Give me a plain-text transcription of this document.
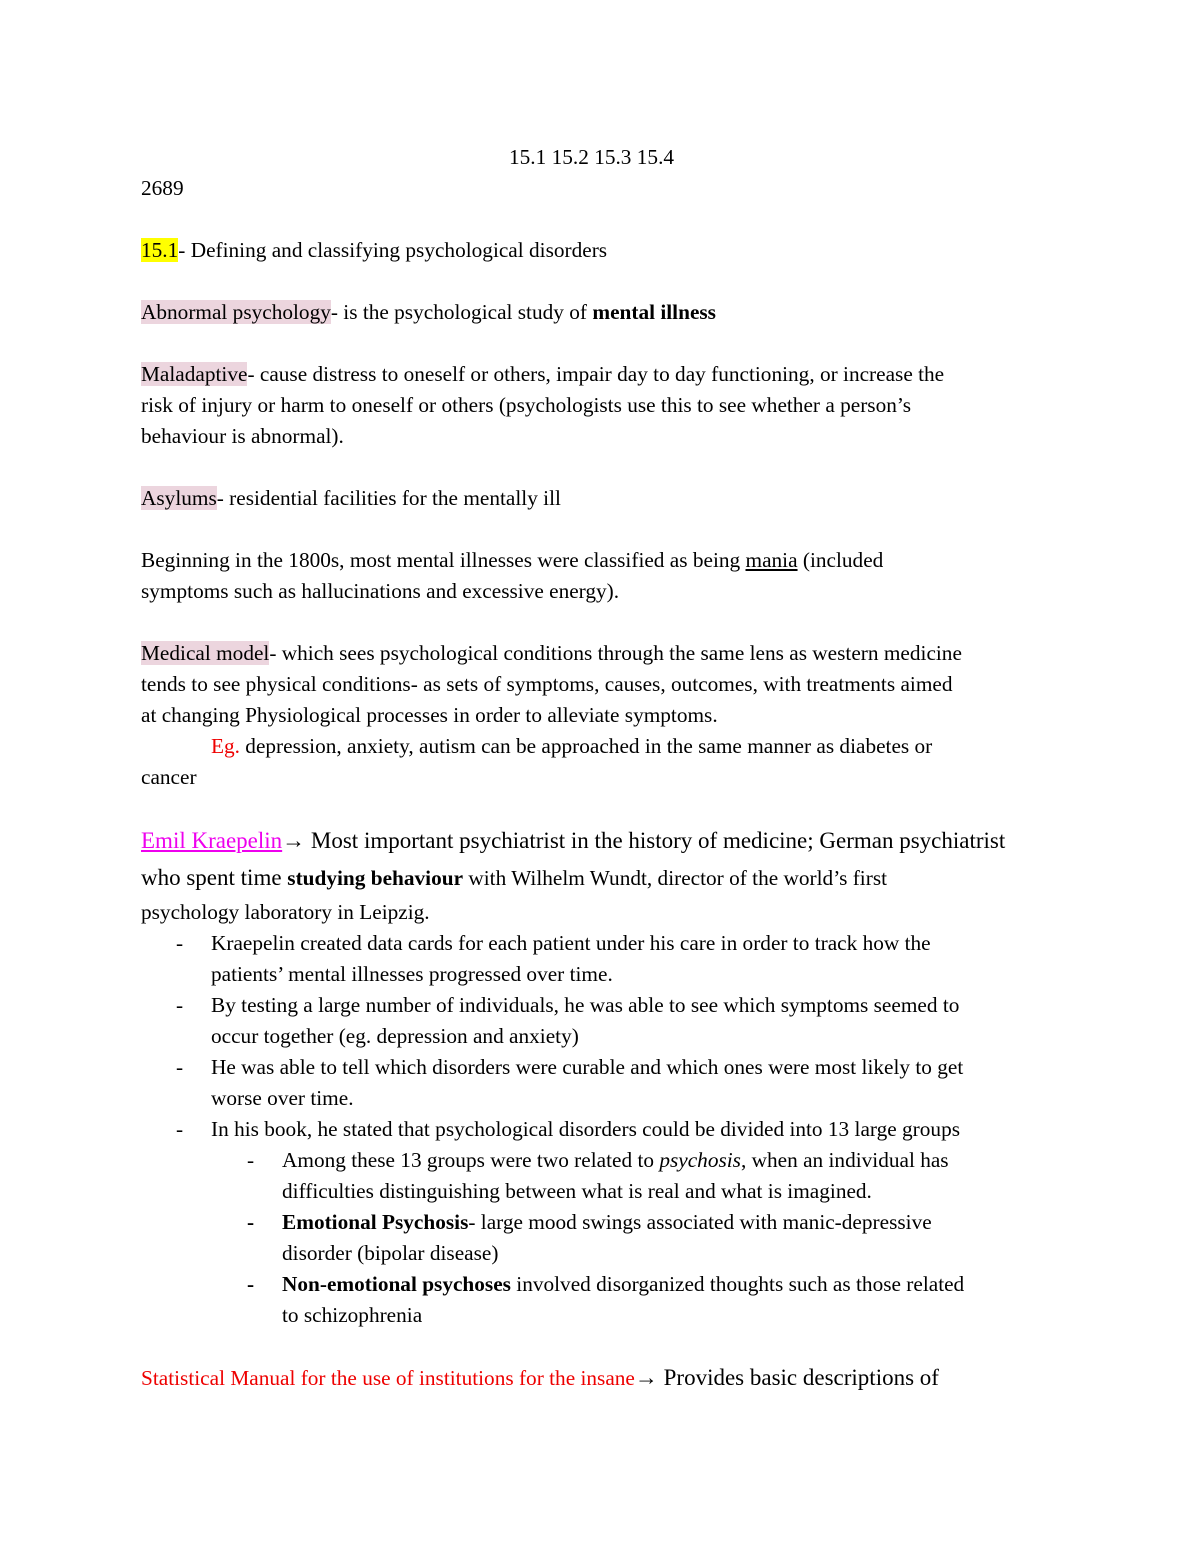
15.1 15.2 15.3 15.4
2689
15.1- Defining and classifying psychological disorders
Abnormal psychology- is the psychological study of mental illness
Maladaptive- cause distress to oneself or others, impair day to day functioning, or increase the
risk of injury or harm to oneself or others (psychologists use this to see whether a person’s
behaviour is abnormal).
Asylums- residential facilities for the mentally ill
Beginning in the 1800s, most mental illnesses were classified as being mania (included
symptoms such as hallucinations and excessive energy).
Medical model- which sees psychological conditions through the same lens as western medicine
tends to see physical conditions- as sets of symptoms, causes, outcomes, with treatments aimed
at changing Physiological processes in order to alleviate symptoms.
Eg. depression, anxiety, autism can be approached in the same manner as diabetes or
cancer
Emil Kraepelin→ Most important psychiatrist in the history of medicine; German psychiatrist
who spent time studying behaviour with Wilhelm Wundt, director of the world’s first
psychology laboratory in Leipzig.
- Kraepelin created data cards for each patient under his care in order to track how the
patients’ mental illnesses progressed over time.
- By testing a large number of individuals, he was able to see which symptoms seemed to
occur together (eg. depression and anxiety)
- He was able to tell which disorders were curable and which ones were most likely to get
worse over time.
- In his book, he stated that psychological disorders could be divided into 13 large groups
- Among these 13 groups were two related to psychosis, when an individual has
difficulties distinguishing between what is real and what is imagined.
- Emotional Psychosis- large mood swings associated with manic-depressive
disorder (bipolar disease)
- Non-emotional psychoses involved disorganized thoughts such as those related
to schizophrenia
Statistical Manual for the use of institutions for the insane→ Provides basic descriptions of
